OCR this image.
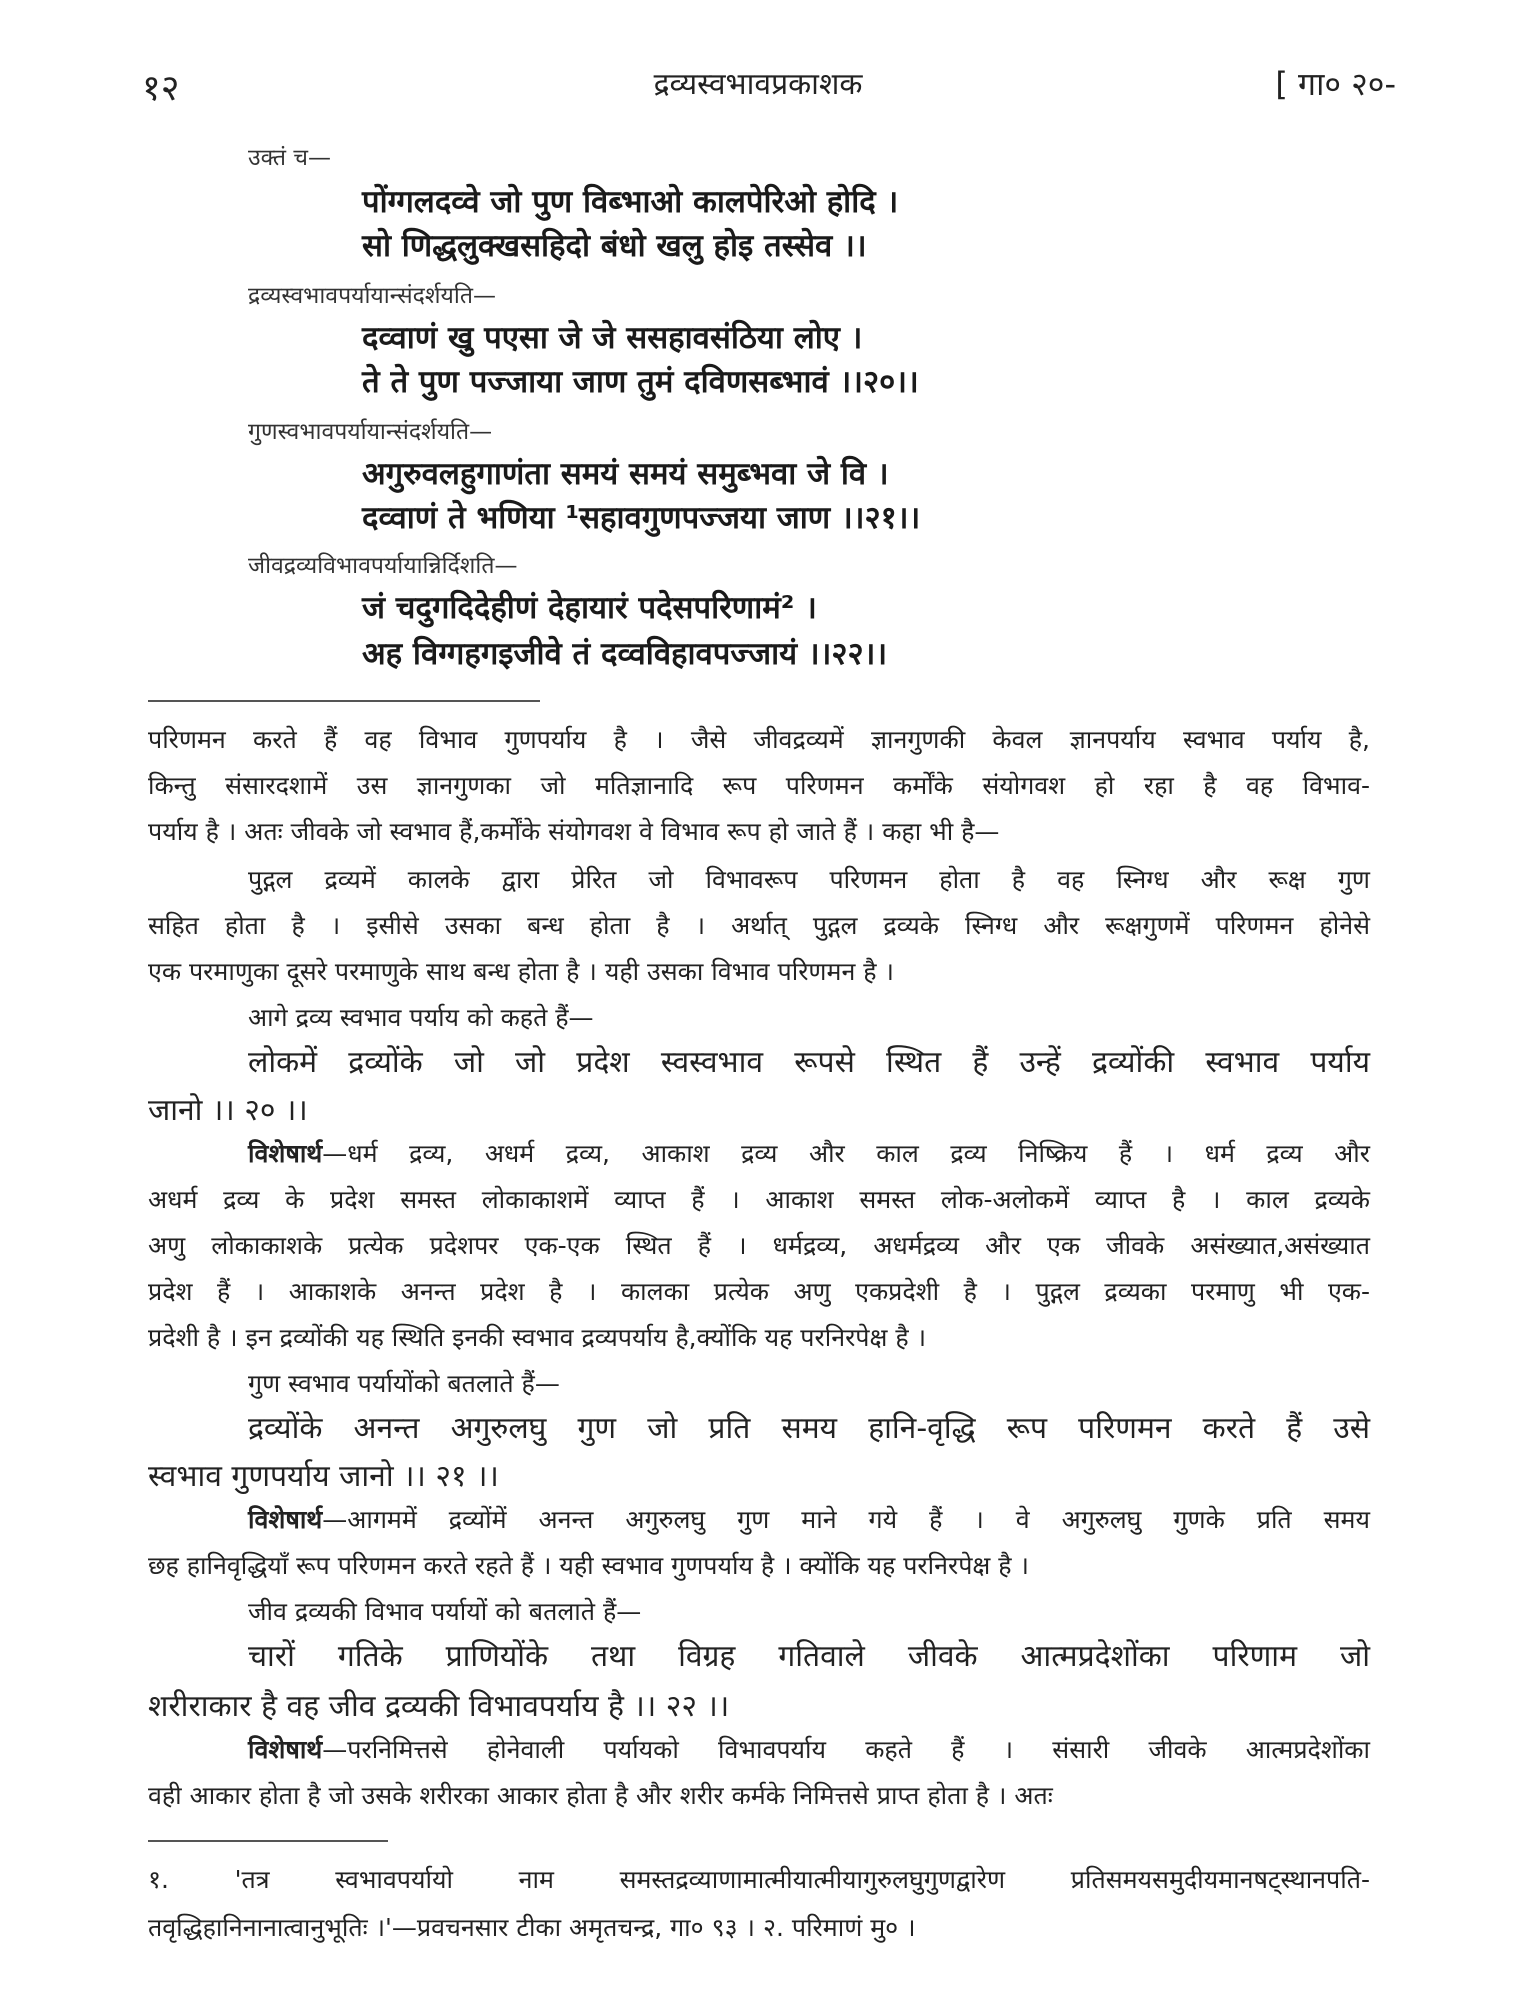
१२	द्रव्यस्वभावप्रकाशक	[ गा० २०-
उक्तं च—
पोंग्गलदव्वे जो पुण विब्भाओ कालपेरिओ होदि ।
सो णिद्धलुक्खसहिदो बंधो खलु होइ तस्सेव ।।
द्रव्यस्वभावपर्यायान्संदर्शयति—
दव्वाणं खु पएसा जे जे ससहावसंठिया लोए ।
ते ते पुण पज्जाया जाण तुमं दविणसब्भावं ।।२०।।
गुणस्वभावपर्यायान्संदर्शयति—
अगुरुवलहुगाणंता समयं समयं समुब्भवा जे वि ।
दव्वाणं ते भणिया ¹सहावगुणपज्जया जाण ।।२१।।
जीवद्रव्यविभावपर्यायान्निर्दिशति—
जं चदुगदिदेहीणं देहायारं पदेसपरिणामं² ।
अह विग्गहगइजीवे तं दव्वविहावपज्जायं ।।२२।।
परिणमन करते हैं वह विभाव गुणपर्याय है । जैसे जीवद्रव्यमें ज्ञानगुणकी केवल ज्ञानपर्याय स्वभाव पर्याय है,
किन्तु संसारदशामें उस ज्ञानगुणका जो मतिज्ञानादि रूप परिणमन कर्मोंके संयोगवश हो रहा है वह विभाव-
पर्याय है । अतः जीवके जो स्वभाव हैं,कर्मोंके संयोगवश वे विभाव रूप हो जाते हैं । कहा भी है—
पुद्गल द्रव्यमें कालके द्वारा प्रेरित जो विभावरूप परिणमन होता है वह स्निग्ध और रूक्ष गुण
सहित होता है । इसीसे उसका बन्ध होता है । अर्थात् पुद्गल द्रव्यके स्निग्ध और रूक्षगुणमें परिणमन होनेसे
एक परमाणुका दूसरे परमाणुके साथ बन्ध होता है । यही उसका विभाव परिणमन है ।
आगे द्रव्य स्वभाव पर्याय को कहते हैं—
लोकमें द्रव्योंके जो जो प्रदेश स्वस्वभाव रूपसे स्थित हैं उन्हें द्रव्योंकी स्वभाव पर्याय
जानो ।। २० ।।
विशेषार्थ—धर्म द्रव्य, अधर्म द्रव्य, आकाश द्रव्य और काल द्रव्य निष्क्रिय हैं । धर्म द्रव्य और
अधर्म द्रव्य के प्रदेश समस्त लोकाकाशमें व्याप्त हैं । आकाश समस्त लोक-अलोकमें व्याप्त है । काल द्रव्यके
अणु लोकाकाशके प्रत्येक प्रदेशपर एक-एक स्थित हैं । धर्मद्रव्य, अधर्मद्रव्य और एक जीवके असंख्यात,असंख्यात
प्रदेश हैं । आकाशके अनन्त प्रदेश है । कालका प्रत्येक अणु एकप्रदेशी है । पुद्गल द्रव्यका परमाणु भी एक-
प्रदेशी है । इन द्रव्योंकी यह स्थिति इनकी स्वभाव द्रव्यपर्याय है,क्योंकि यह परनिरपेक्ष है ।
गुण स्वभाव पर्यायोंको बतलाते हैं—
द्रव्योंके अनन्त अगुरुलघु गुण जो प्रति समय हानि-वृद्धि रूप परिणमन करते हैं उसे
स्वभाव गुणपर्याय जानो ।। २१ ।।
विशेषार्थ—आगममें द्रव्योंमें अनन्त अगुरुलघु गुण माने गये हैं । वे अगुरुलघु गुणके प्रति समय
छह हानिवृद्धियाँ रूप परिणमन करते रहते हैं । यही स्वभाव गुणपर्याय है । क्योंकि यह परनिरपेक्ष है ।
जीव द्रव्यकी विभाव पर्यायों को बतलाते हैं—
चारों गतिके प्राणियोंके तथा विग्रह गतिवाले जीवके आत्मप्रदेशोंका परिणाम जो
शरीराकार है वह जीव द्रव्यकी विभावपर्याय है ।। २२ ।।
विशेषार्थ—परनिमित्तसे होनेवाली पर्यायको विभावपर्याय कहते हैं । संसारी जीवके आत्मप्रदेशोंका
वही आकार होता है जो उसके शरीरका आकार होता है और शरीर कर्मके निमित्तसे प्राप्त होता है । अतः
१. 'तत्र स्वभावपर्यायो नाम समस्तद्रव्याणामात्मीयात्मीयागुरुलघुगुणद्वारेण प्रतिसमयसमुदीयमानषट्स्थानपति-
तवृद्धिहानिनानात्वानुभूतिः ।'—प्रवचनसार टीका अमृतचन्द्र, गा० ९३ । २. परिमाणं मु० ।
